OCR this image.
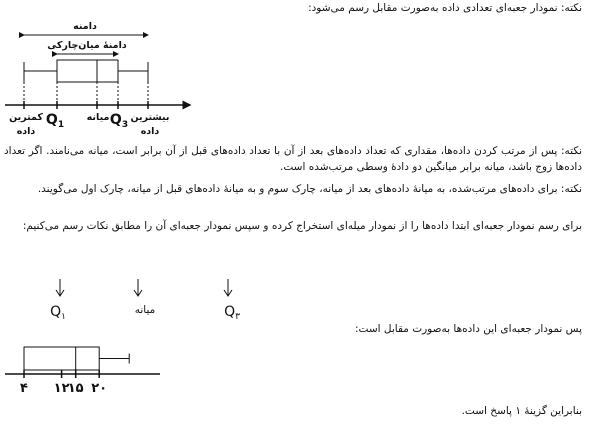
نکته: نمودار جعبه‌ای تعدادی داده به‌صورت مقابل رسم می‌شود:
دامنه
دامنهٔ میان‌چارکی
کمترین
داده
$Q_1$
میانه $Q_3$
بیشترین
داده
نکته: پس از مرتب کردن داده‌ها، مقداری که تعداد داده‌های بعد از آن با تعداد داده‌های قبل از آن برابر است، میانه می‌نامند. اگر تعداد داده‌ها زوج باشد، میانه برابر میانگین دو دادهٔ وسطی مرتب‌شده است.
نکته: برای داده‌های مرتب‌شده، به میانهٔ داده‌های بعد از میانه، چارک سوم و به میانهٔ داده‌های قبل از میانه، چارک اول می‌گویند.
برای رسم نمودار جعبه‌ای ابتدا داده‌ها را از نمودار میله‌ای استخراج کرده و سپس نمودار جعبه‌ای آن را مطابق نکات رسم می‌کنیم:
$Q_۱$
میانه	$Q_۳$
پس نمودار جعبه‌ای این داده‌ها به‌صورت مقابل است:
۴ ۱۲
۱۵ ۲۰
بنابراین گزینهٔ ۱ پاسخ است.
